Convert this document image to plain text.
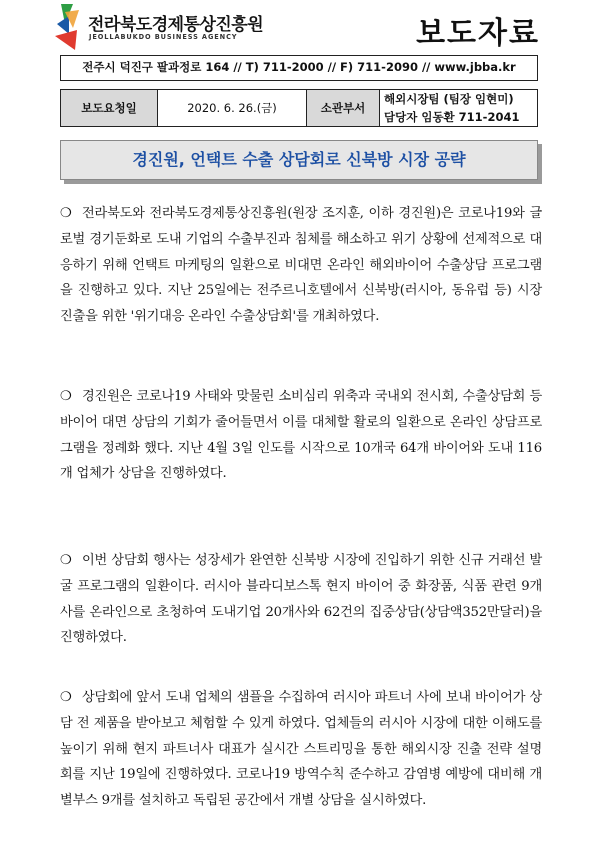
전라북도경제통상진흥원
JEOLLABUKDO BUSINESS AGENCY	보도자료
전주시 덕진구 팔과정로 164 // T) 711-2000 // F) 711-2090 // www.jbba.kr
보도요청일	2020. 6. 26.(금)	소관부서	
해외시장팀 (팀장 임현미)
담당자 임동환 711-2041
경진원, 언택트 수출 상담회로 신북방 시장 공략
❍ 전라북도와 전라북도경제통상진흥원(원장 조지훈, 이하 경진원)은 코로나19와 글로벌 경기둔화로 도내 기업의 수출부진과 침체를 해소하고 위기 상황에 선제적으로 대응하기 위해 언택트 마케팅의 일환으로 비대면 온라인 해외바이어 수출상담 프로그램을 진행하고 있다. 지난 25일에는 전주르니호텔에서 신북방(러시아, 동유럽 등) 시장 진출을 위한 '위기대응 온라인 수출상담회'를 개최하였다.
❍ 경진원은 코로나19 사태와 맞물린 소비심리 위축과 국내외 전시회, 수출상담회 등 바이어 대면 상담의 기회가 줄어들면서 이를 대체할 활로의 일환으로 온라인 상담프로그램을 정례화 했다. 지난 4월 3일 인도를 시작으로 10개국 64개 바이어와 도내 116개 업체가 상담을 진행하였다.
❍ 이번 상담회 행사는 성장세가 완연한 신북방 시장에 진입하기 위한 신규 거래선 발굴 프로그램의 일환이다. 러시아 블라디보스톡 현지 바이어 중 화장품, 식품 관련 9개사를 온라인으로 초청하여 도내기업 20개사와 62건의 집중상담(상담액352만달러)을 진행하였다.
❍ 상담회에 앞서 도내 업체의 샘플을 수집하여 러시아 파트너 사에 보내 바이어가 상담 전 제품을 받아보고 체험할 수 있게 하였다. 업체들의 러시아 시장에 대한 이해도를 높이기 위해 현지 파트너사 대표가 실시간 스트리밍을 통한 해외시장 진출 전략 설명회를 지난 19일에 진행하였다. 코로나19 방역수칙 준수하고 감염병 예방에 대비해 개별부스 9개를 설치하고 독립된 공간에서 개별 상담을 실시하였다.
